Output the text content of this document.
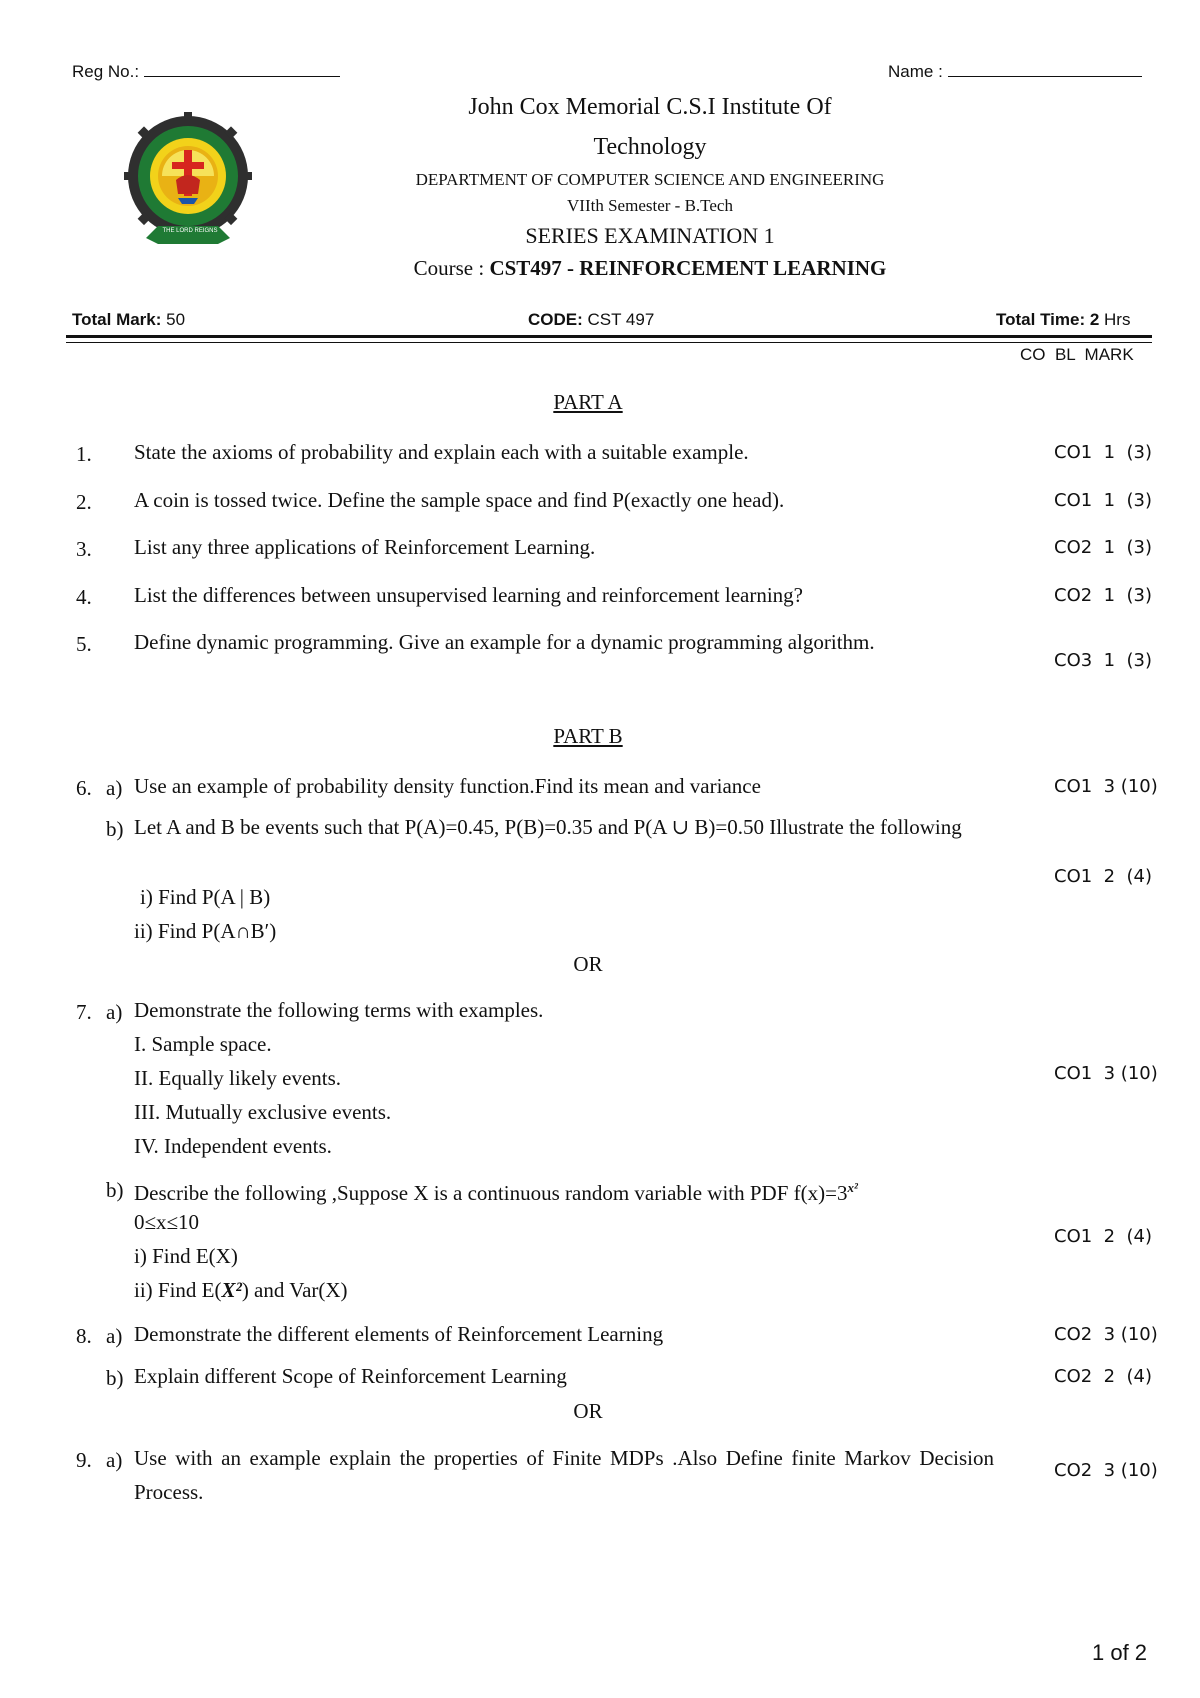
Reg No.:	Name :
THE LORD REIGNS
John Cox Memorial C.S.I Institute Of
Technology
DEPARTMENT OF COMPUTER SCIENCE AND ENGINEERING
VIIth Semester - B.Tech
SERIES EXAMINATION 1
Course : CST497 - REINFORCEMENT LEARNING
Total Mark: 50	CODE: CST 497	Total Time: 2 Hrs
CO  BL  MARK
PART A
1. State the axioms of probability and explain each with a suitable example.	CO1  1  (3)
2. A coin is tossed twice. Define the sample space and find P(exactly one head).	CO1  1  (3)
3. List any three applications of Reinforcement Learning.	CO2  1  (3)
4. List the differences between unsupervised learning and reinforcement learning?	CO2  1  (3)
5. Define dynamic programming. Give an example for a dynamic programming algorithm.
CO3  1  (3)
PART B
6. a) Use an example of probability density function.Find its mean and variance	CO1  3 (10)
b) Let A and B be events such that P(A)=0.45, P(B)=0.35 and P(A ∪ B)=0.50 Illustrate the following
i) Find P(A | B)
ii) Find P(A∩B′)
CO1  2  (4)
OR
7. a) Demonstrate the following terms with examples.
I. Sample space.
II. Equally likely events.
III. Mutually exclusive events.
IV. Independent events.
CO1  3 (10)
b) Describe the following ,Suppose X is a continuous random variable with PDF $f(x)=3^{x^2}$
0≤x≤10
i) Find E(X)
ii) Find E(X²) and Var(X)
CO1  2  (4)
8. a) Demonstrate the different elements of Reinforcement Learning	CO2  3 (10)
b) Explain different Scope of Reinforcement Learning	CO2  2  (4)
OR
9. a) Use with an example explain the properties of Finite MDPs .Also Define finite Markov Decision Process.
CO2  3 (10)
1 of 2
